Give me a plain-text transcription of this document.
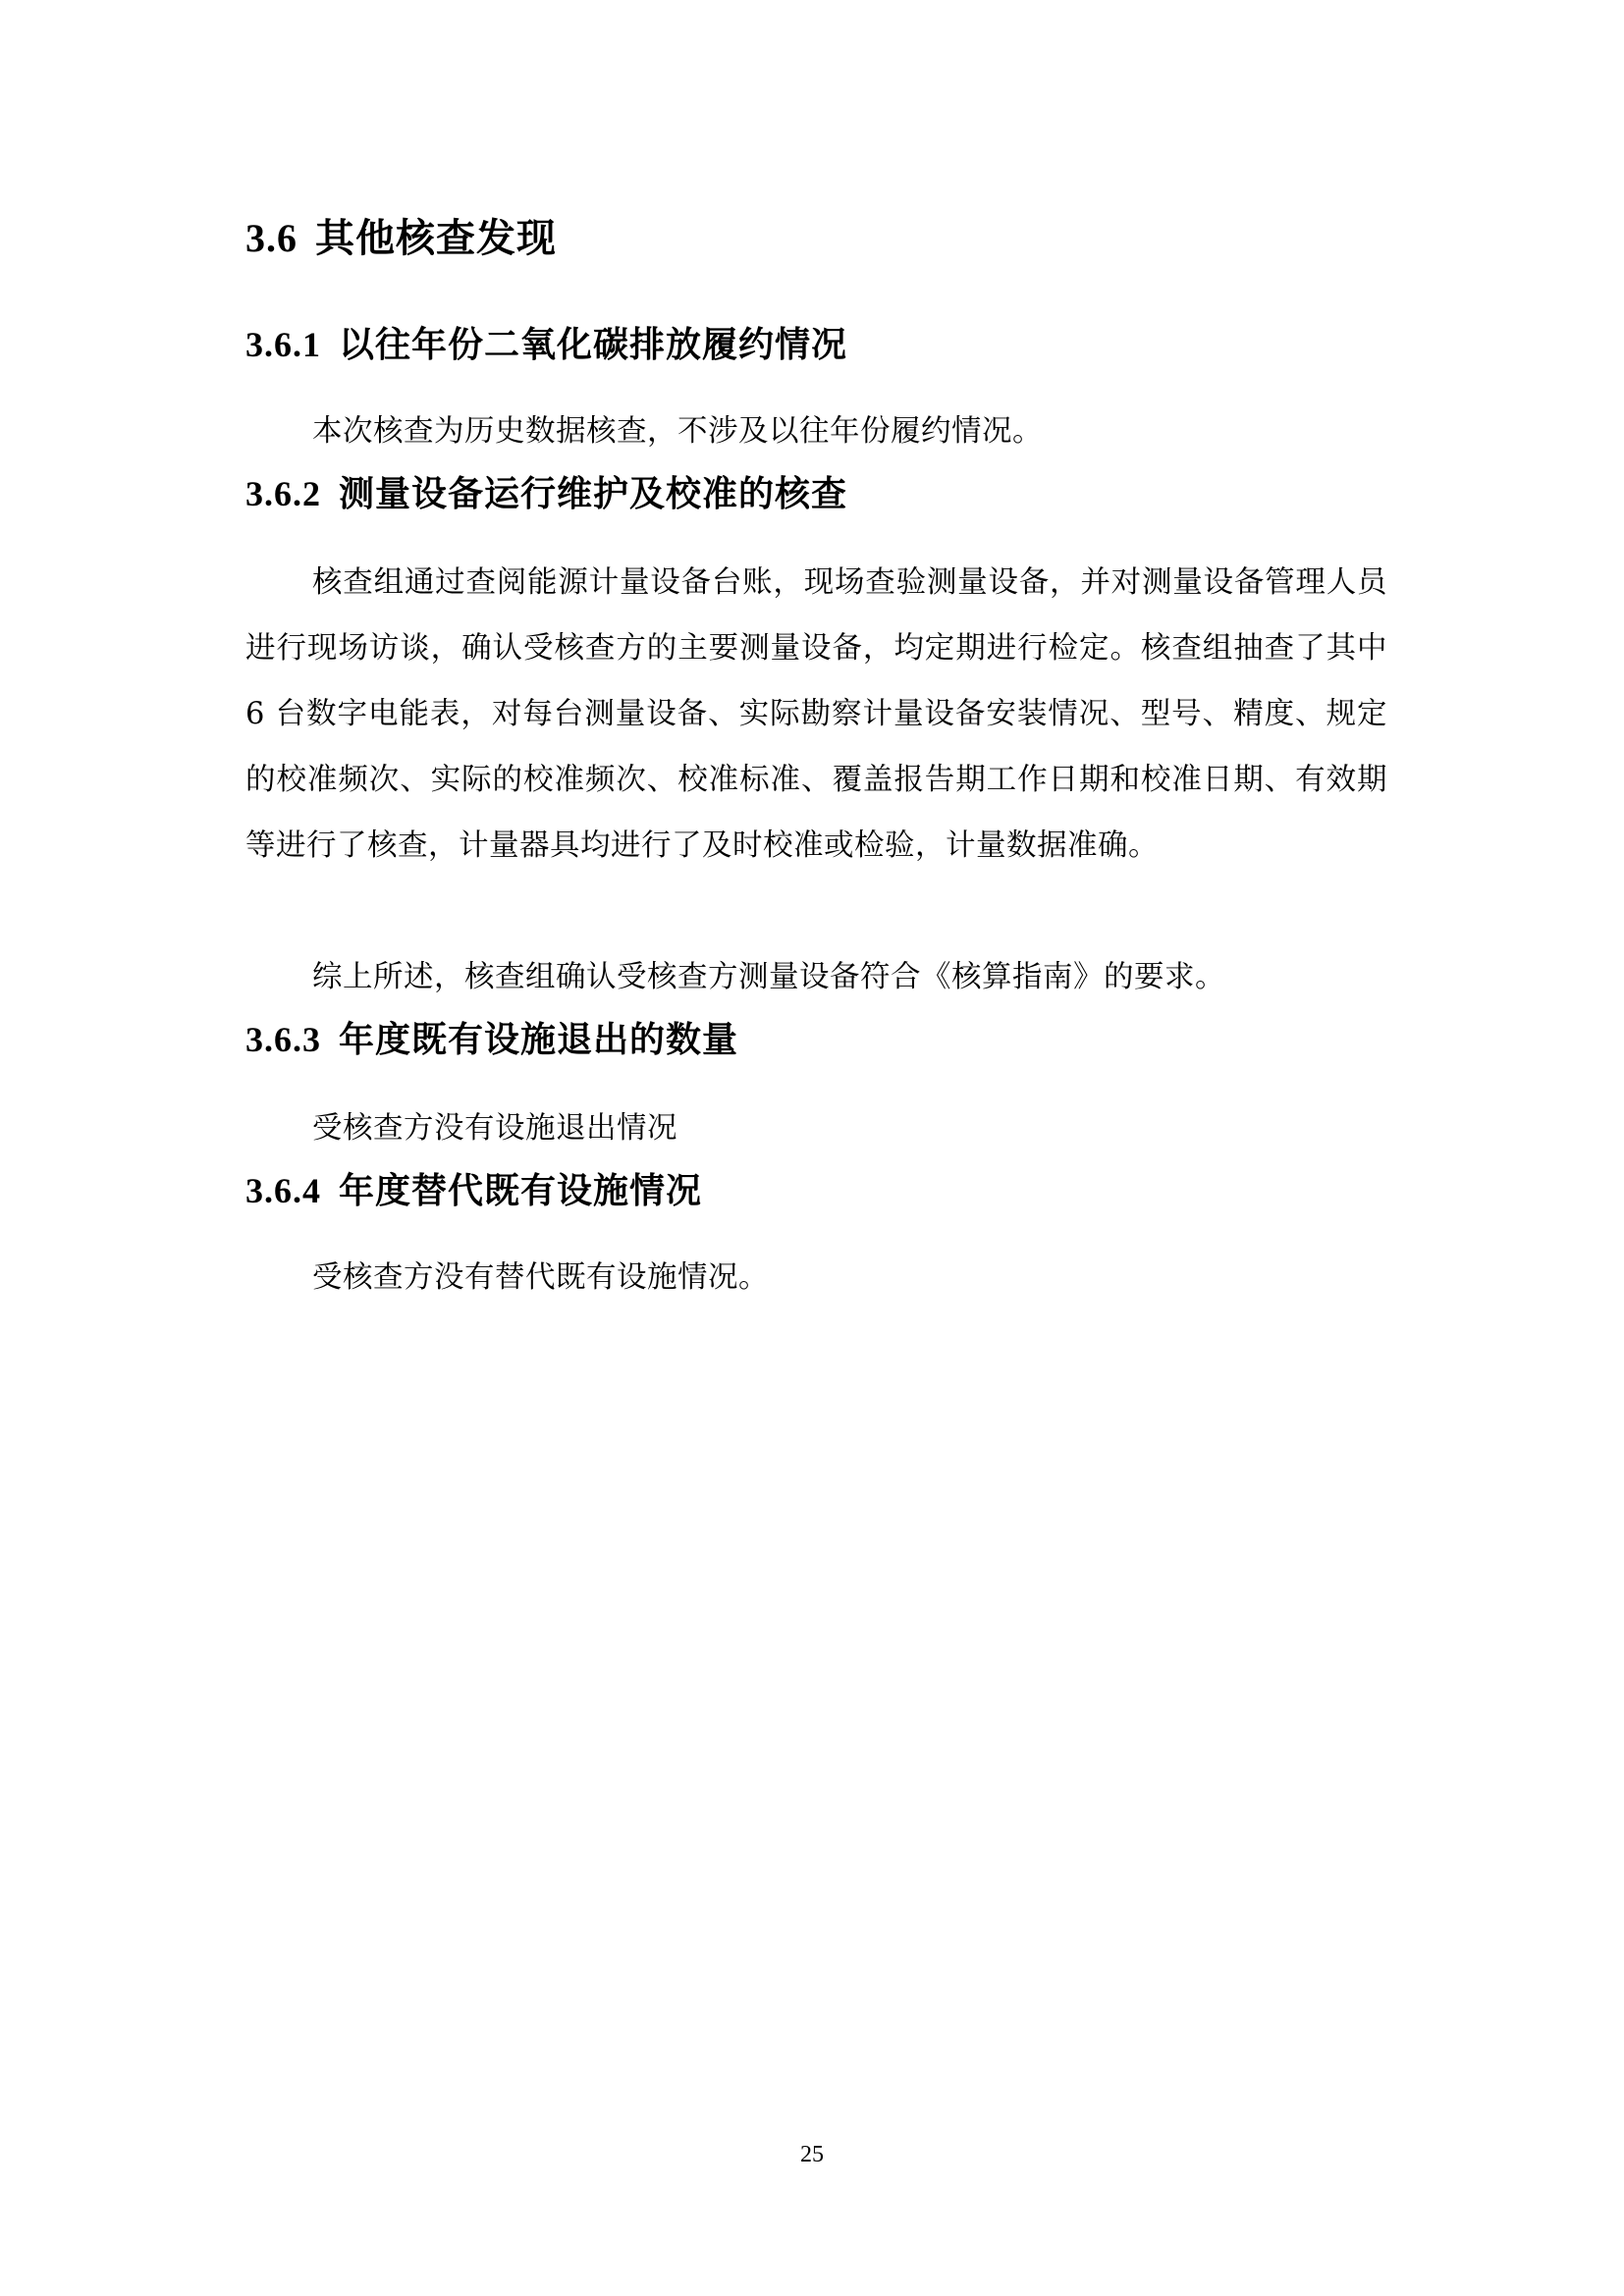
3.6 其他核查发现
3.6.1 以往年份二氧化碳排放履约情况
本次核查为历史数据核查，不涉及以往年份履约情况。
3.6.2 测量设备运行维护及校准的核查
核查组通过查阅能源计量设备台账，现场查验测量设备，并对测量设备管理人员进行现场访谈，确认受核查方的主要测量设备，均定期进行检定。核查组抽查了其中 6 台数字电能表，对每台测量设备、实际勘察计量设备安装情况、型号、精度、规定的校准频次、实际的校准频次、校准标准、覆盖报告期工作日期和校准日期、有效期等进行了核查，计量器具均进行了及时校准或检验，计量数据准确。
综上所述，核查组确认受核查方测量设备符合《核算指南》的要求。
3.6.3 年度既有设施退出的数量
受核查方没有设施退出情况
3.6.4 年度替代既有设施情况
受核查方没有替代既有设施情况。
25
